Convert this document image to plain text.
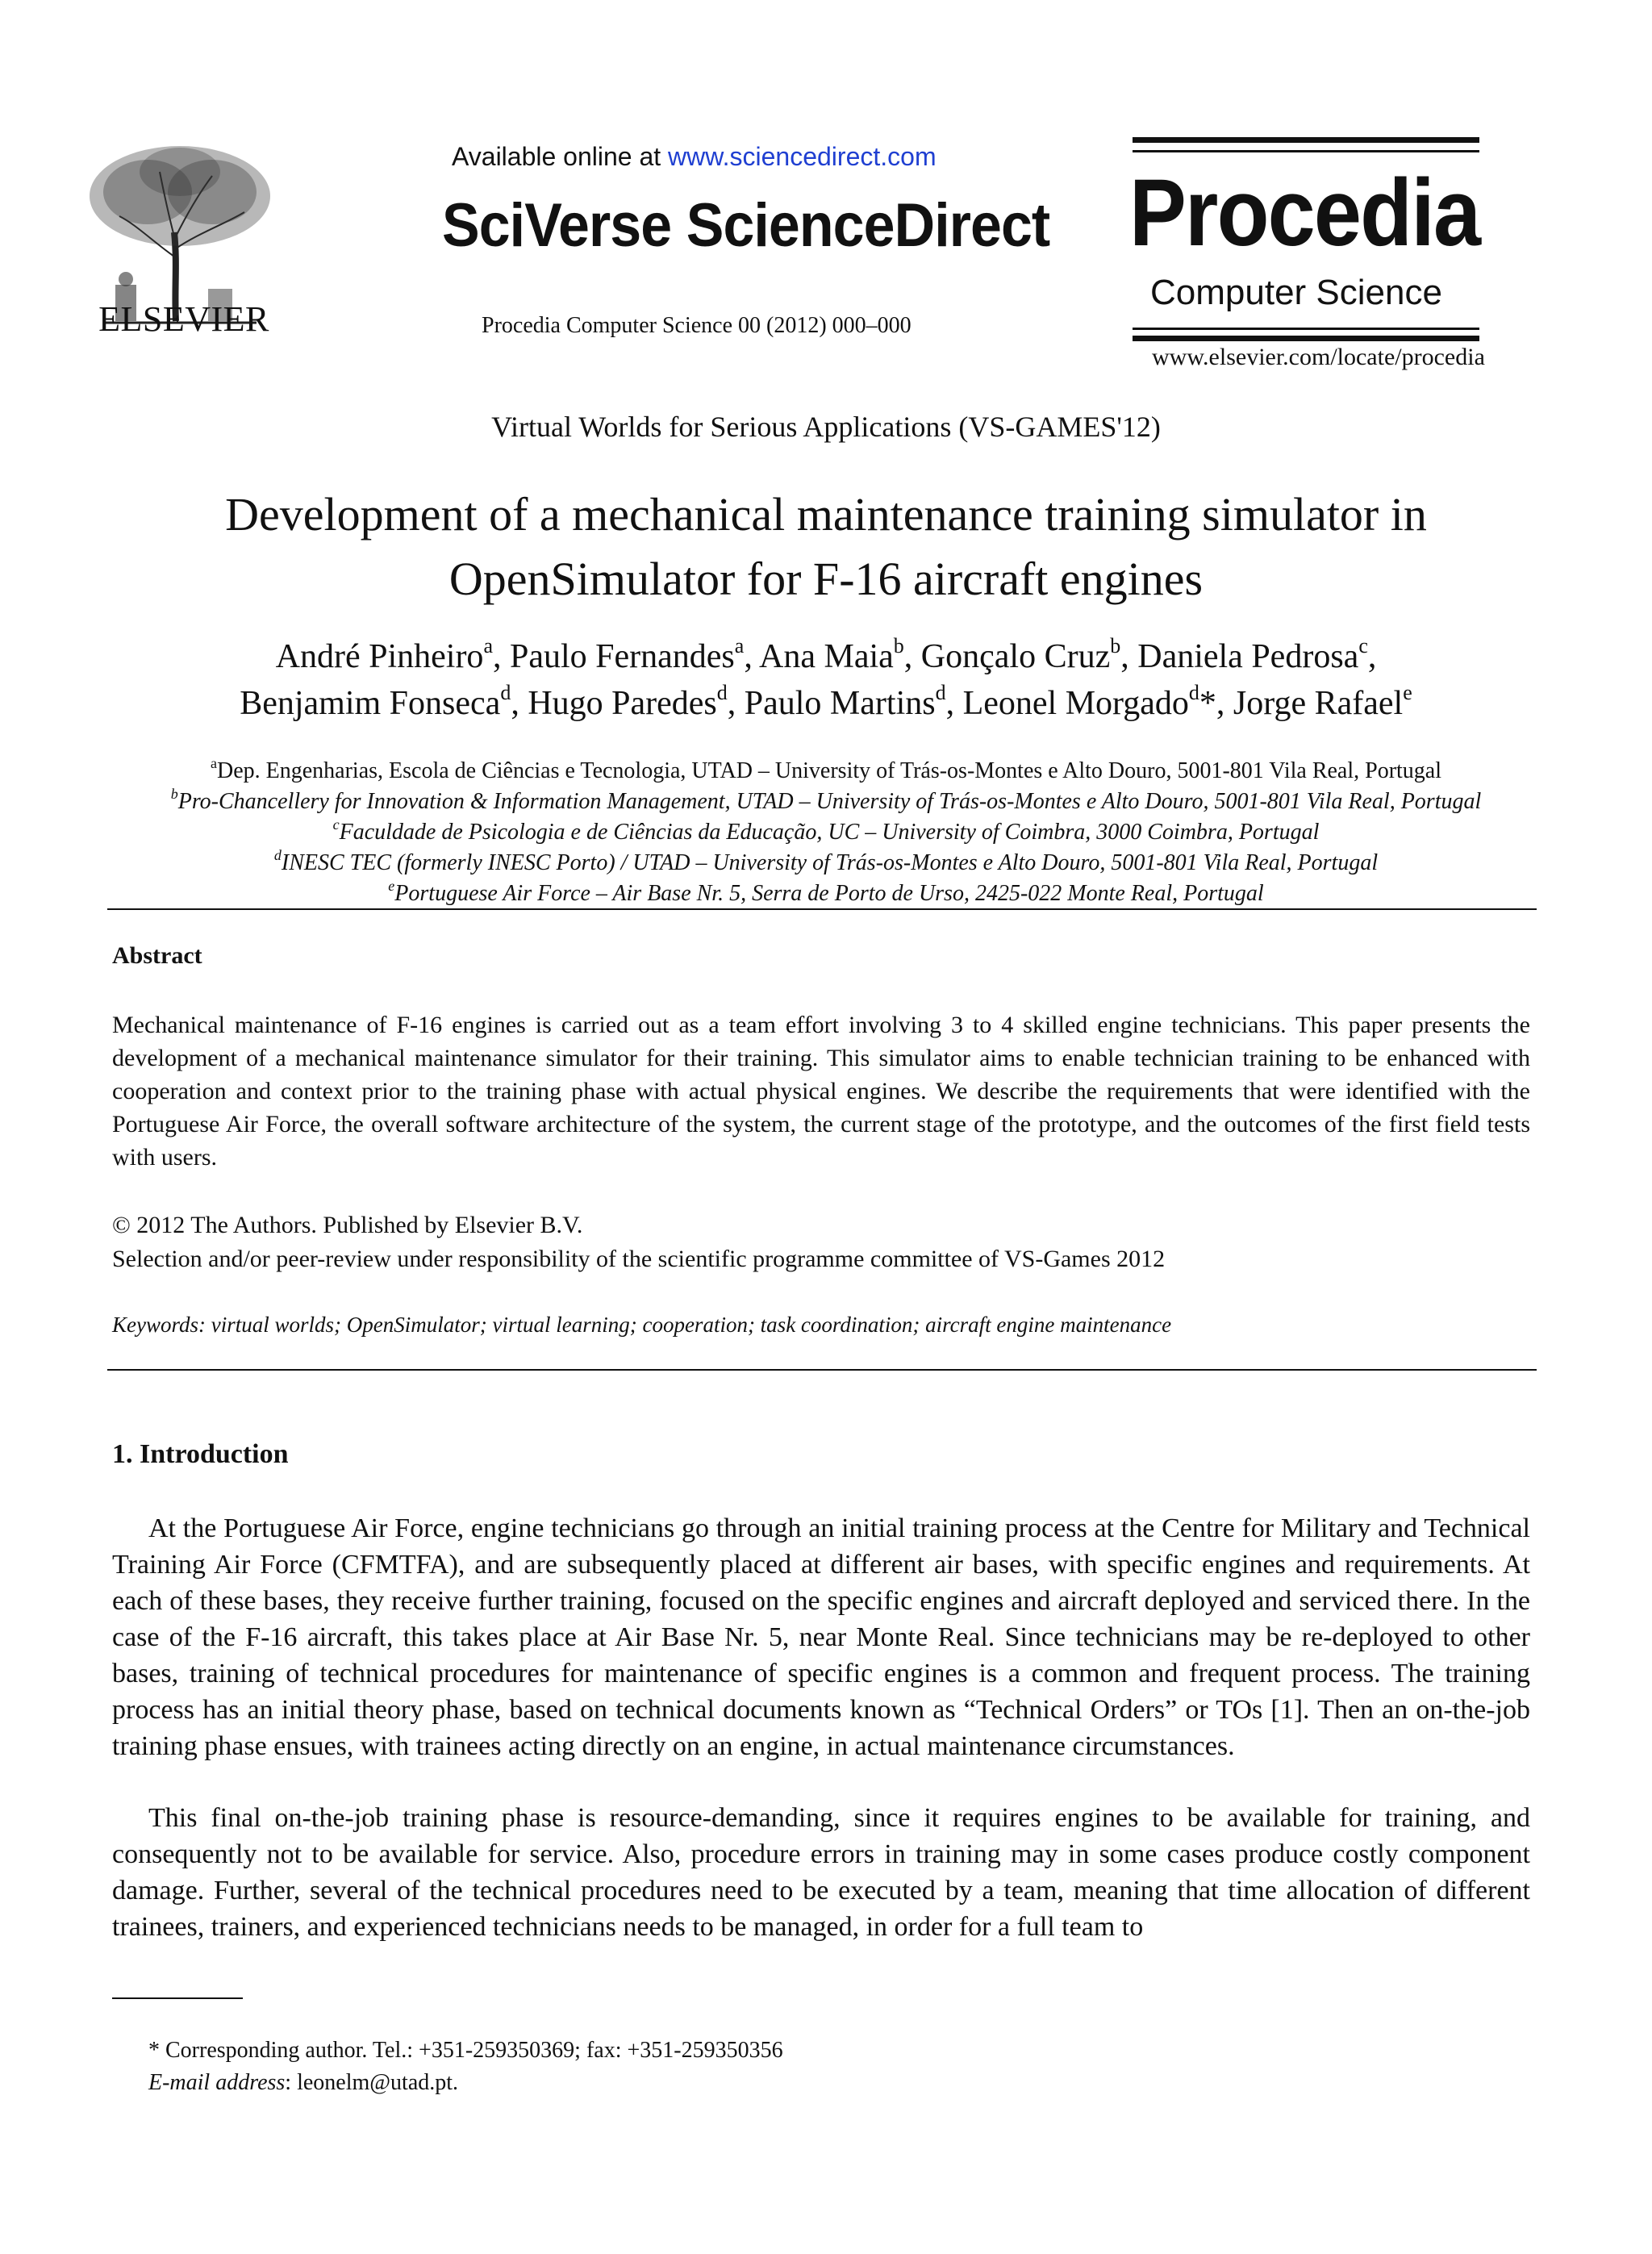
ELSEVIER
Available online at www.sciencedirect.com
SciVerse ScienceDirect
Procedia Computer Science 00 (2012) 000–000
Procedia
Computer Science
www.elsevier.com/locate/procedia
Virtual Worlds for Serious Applications (VS-GAMES'12)
Development of a mechanical maintenance training simulator in
OpenSimulator for F-16 aircraft engines
André Pinheiro$^a$, Paulo Fernandes$^a$, Ana Maia$^b$, Gonçalo Cruz$^b$, Daniela Pedrosa$^c$,
Benjamim Fonseca$^d$, Hugo Paredes$^d$, Paulo Martins$^d$, Leonel Morgado$^d$*, Jorge Rafael$^e$
$^a$Dep. Engenharias, Escola de Ciências e Tecnologia, UTAD – University of Trás-os-Montes e Alto Douro, 5001-801 Vila Real, Portugal
$^b$Pro-Chancellery for Innovation & Information Management, UTAD – University of Trás-os-Montes e Alto Douro, 5001-801 Vila Real, Portugal
$^c$Faculdade de Psicologia e de Ciências da Educação, UC – University of Coimbra, 3000 Coimbra, Portugal
$^d$INESC TEC (formerly INESC Porto) / UTAD – University of Trás-os-Montes e Alto Douro, 5001-801 Vila Real, Portugal
$^e$Portuguese Air Force – Air Base Nr. 5, Serra de Porto de Urso, 2425-022 Monte Real, Portugal
Abstract
Mechanical maintenance of F-16 engines is carried out as a team effort involving 3 to 4 skilled engine technicians. This paper presents the development of a mechanical maintenance simulator for their training. This simulator aims to enable technician training to be enhanced with cooperation and context prior to the training phase with actual physical engines. We describe the requirements that were identified with the Portuguese Air Force, the overall software architecture of the system, the current stage of the prototype, and the outcomes of the first field tests with users.
© 2012 The Authors. Published by Elsevier B.V.
Selection and/or peer-review under responsibility of the scientific programme committee of VS-Games 2012
Keywords: virtual worlds; OpenSimulator; virtual learning; cooperation; task coordination; aircraft engine maintenance
1. Introduction
At the Portuguese Air Force, engine technicians go through an initial training process at the Centre for Military and Technical Training Air Force (CFMTFA), and are subsequently placed at different air bases, with specific engines and requirements. At each of these bases, they receive further training, focused on the specific engines and aircraft deployed and serviced there. In the case of the F-16 aircraft, this takes place at Air Base Nr. 5, near Monte Real. Since technicians may be re-deployed to other bases, training of technical procedures for maintenance of specific engines is a common and frequent process. The training process has an initial theory phase, based on technical documents known as “Technical Orders” or TOs [1]. Then an on-the-job training phase ensues, with trainees acting directly on an engine, in actual maintenance circumstances.
This final on-the-job training phase is resource-demanding, since it requires engines to be available for training, and consequently not to be available for service. Also, procedure errors in training may in some cases produce costly component damage. Further, several of the technical procedures need to be executed by a team, meaning that time allocation of different trainees, trainers, and experienced technicians needs to be managed, in order for a full team to
* Corresponding author. Tel.: +351-259350369; fax: +351-259350356
E-mail address: leonelm@utad.pt.
